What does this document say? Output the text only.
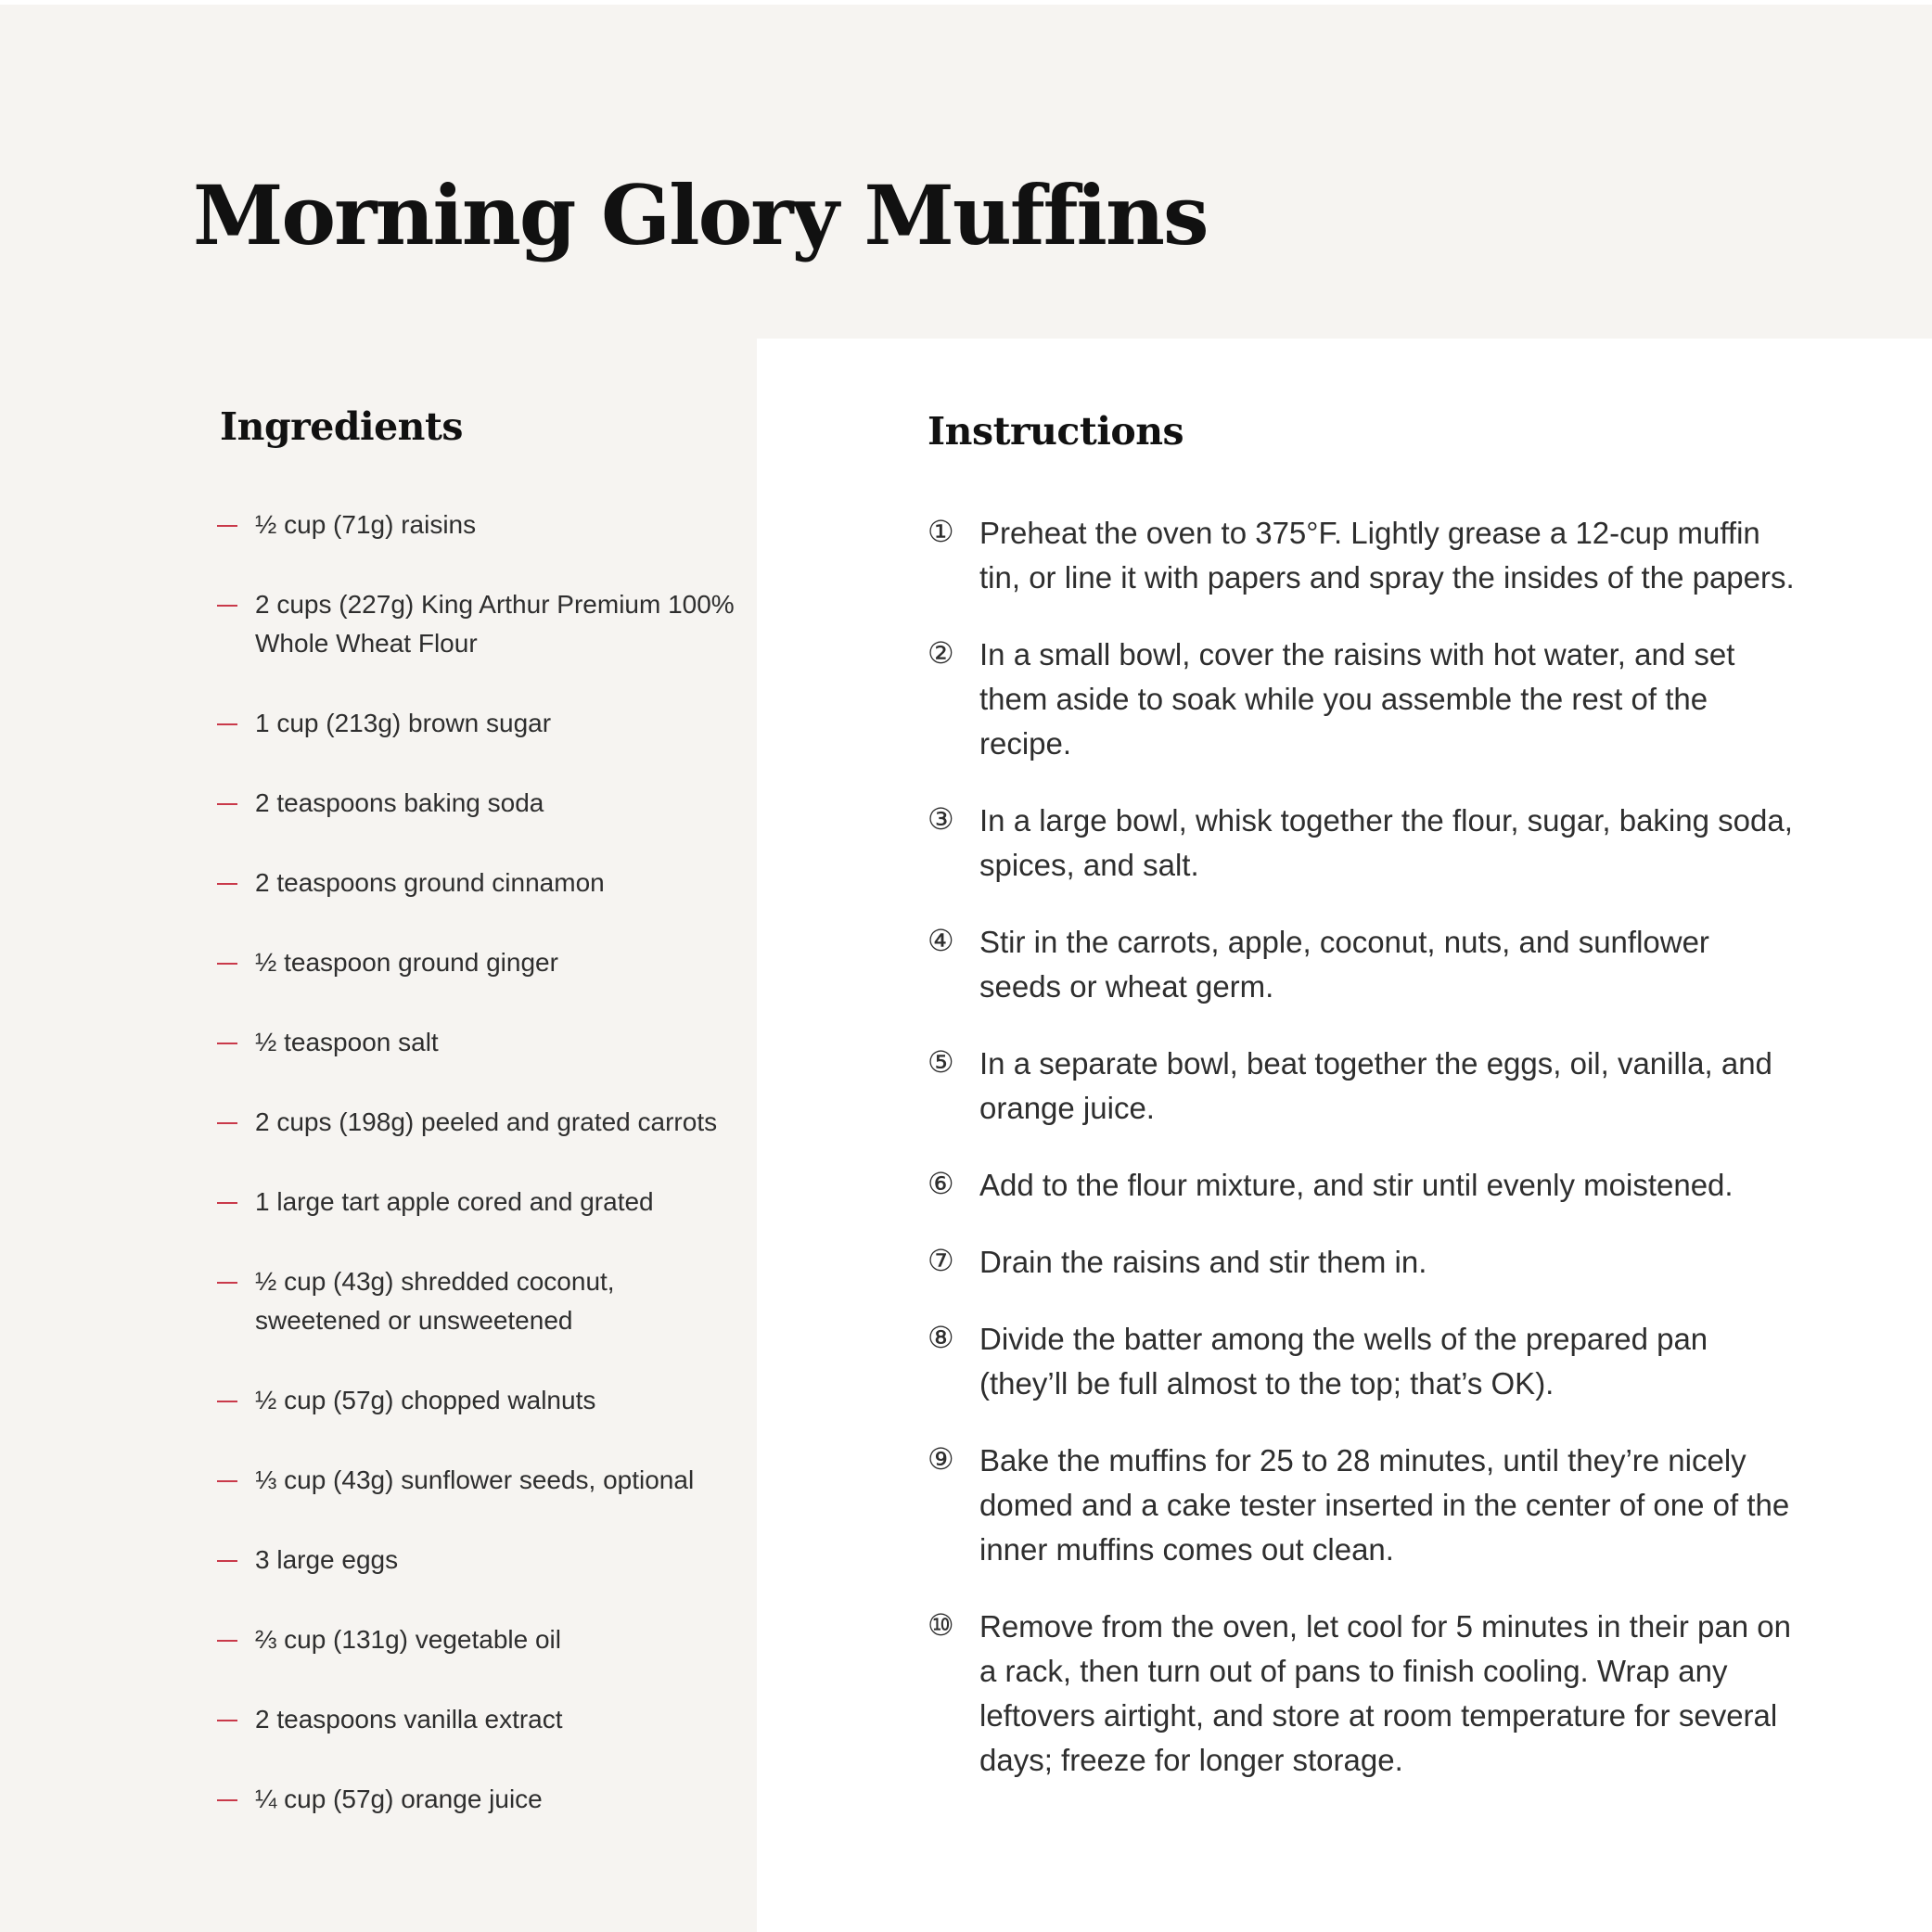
Morning Glory Muffins
Ingredients	Instructions
½ cup (71g) raisins
2 cups (227g) King Arthur Premium 100% Whole Wheat Flour
1 cup (213g) brown sugar
2 teaspoons baking soda
2 teaspoons ground cinnamon
½ teaspoon ground ginger
½ teaspoon salt
2 cups (198g) peeled and grated carrots
1 large tart apple cored and grated
½ cup (43g) shredded coconut, sweetened or unsweetened
½ cup (57g) chopped walnuts
⅓ cup (43g) sunflower seeds, optional
3 large eggs
⅔ cup (131g) vegetable oil
2 teaspoons vanilla extract
¼ cup (57g) orange juice
① Preheat the oven to 375°F. Lightly grease a 12-cup muffin tin, or line it with papers and spray the insides of the papers.
② In a small bowl, cover the raisins with hot water, and set them aside to soak while you assemble the rest of the recipe.
③ In a large bowl, whisk together the flour, sugar, baking soda, spices, and salt.
④ Stir in the carrots, apple, coconut, nuts, and sunflower seeds or wheat germ.
⑤ In a separate bowl, beat together the eggs, oil, vanilla, and orange juice.
⑥ Add to the flour mixture, and stir until evenly moistened.
⑦ Drain the raisins and stir them in.
⑧ Divide the batter among the wells of the prepared pan (they’ll be full almost to the top; that’s OK).
⑨ Bake the muffins for 25 to 28 minutes, until they’re nicely domed and a cake tester inserted in the center of one of the inner muffins comes out clean.
⑩ Remove from the oven, let cool for 5 minutes in their pan on a rack, then turn out of pans to finish cooling. Wrap any leftovers airtight, and store at room temperature for several days; freeze for longer storage.
